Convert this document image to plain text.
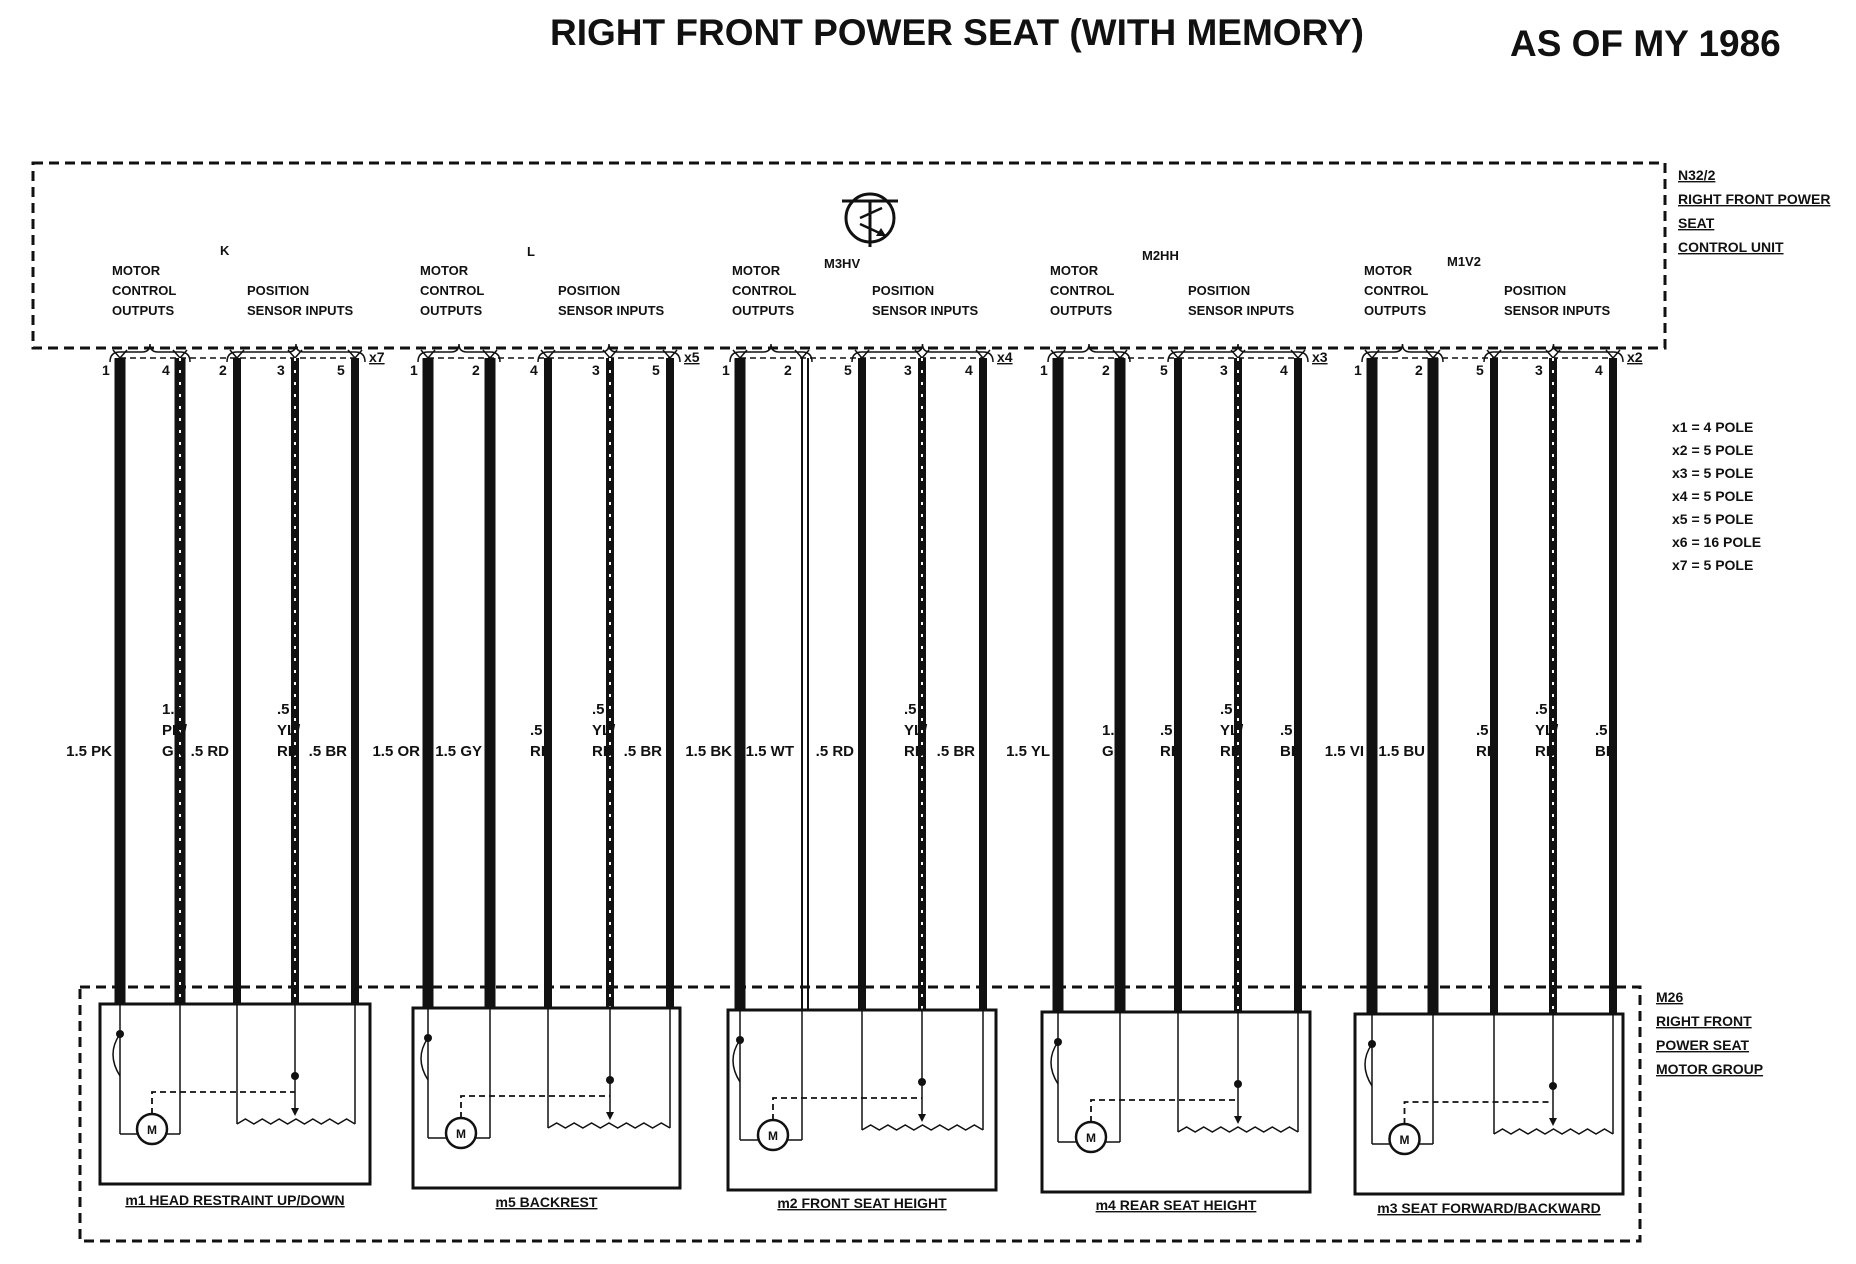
RIGHT FRONT POWER SEAT (WITH MEMORY)	AS OF MY 1986
N32/2
RIGHT FRONT POWER
SEAT
CONTROL UNIT
x1 = 4 POLE
x2 = 5 POLE
x3 = 5 POLE
x4 = 5 POLE
x5 = 5 POLE
x6 = 16 POLE
x7 = 5 POLE
M26
RIGHT FRONT
POWER SEAT
MOTOR GROUP
K
MOTOR
CONTROL
OUTPUTS
POSITION
SENSOR INPUTS
x7
1
1.5 PK
4
1.5
PK/
GN
2
.5 RD
3
.5
YL/
RD
5
.5 BR
M
m1 HEAD RESTRAINT UP/DOWN
L
MOTOR
CONTROL
OUTPUTS
POSITION
SENSOR INPUTS
x5
1
1.5 OR
2
1.5 GY
4
.5
RD
3
.5
YL/
RD
5
.5 BR
M
m5 BACKREST
M3HV
MOTOR
CONTROL
OUTPUTS
POSITION
SENSOR INPUTS
x4
1
1.5 BK
2
1.5 WT
5
.5 RD
3
.5
YL/
RD
4
.5 BR
M
m2 FRONT SEAT HEIGHT
M2HH
MOTOR
CONTROL
OUTPUTS
POSITION
SENSOR INPUTS
x3
1
1.5 YL
2
1.5
GN
5
.5
RD
3
.5
YL/
RD
4
.5
BR
M
m4 REAR SEAT HEIGHT
M1V2
MOTOR
CONTROL
OUTPUTS
POSITION
SENSOR INPUTS
x2
1
1.5 VI
2
1.5 BU
5
.5
RD
3
.5
YL/
RD
4
.5
BR
M
m3 SEAT FORWARD/BACKWARD
